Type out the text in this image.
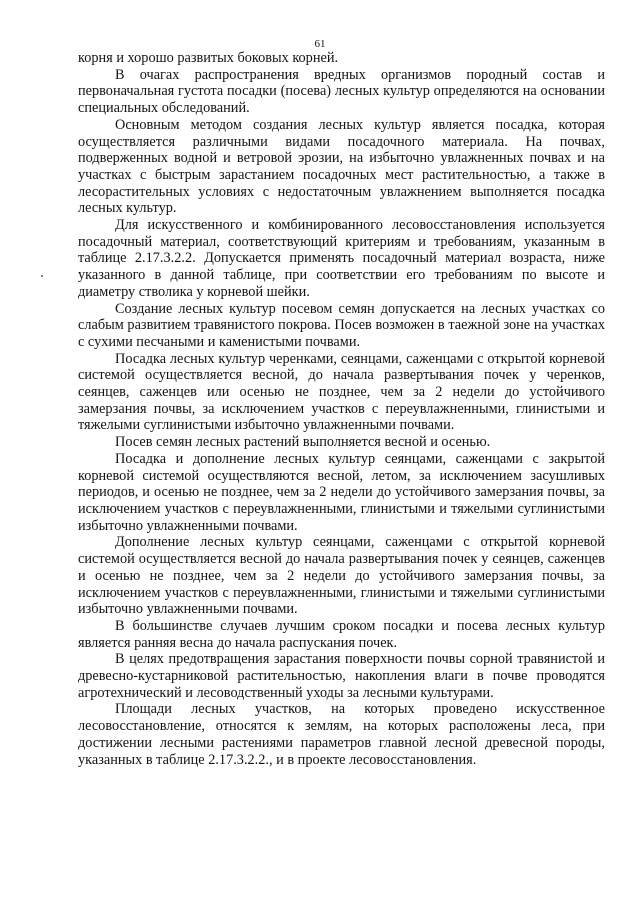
61

корня и хорошо развитых боковых корней.

В очагах распространения вредных организмов породный состав и первоначальная густота посадки (посева) лесных культур определяются на основании специальных обследований.

Основным методом создания лесных культур является посадка, которая осуществляется различными видами посадочного материала. На почвах, подверженных водной и ветровой эрозии, на избыточно увлажненных почвах и на участках с быстрым зарастанием посадочных мест растительностью, а также в лесорастительных условиях с недостаточным увлажнением выполняется посадка лесных культур.

Для искусственного и комбинированного лесовосстановления используется посадочный материал, соответствующий критериям и требованиям, указанным в таблице 2.17.3.2.2. Допускается применять посадочный материал возраста, ниже указанного в данной таблице, при соответствии его требованиям по высоте и диаметру стволика у корневой шейки.

Создание лесных культур посевом семян допускается на лесных участках со слабым развитием травянистого покрова. Посев возможен в таежной зоне на участках с сухими песчаными и каменистыми почвами.

Посадка лесных культур черенками, сеянцами, саженцами с открытой корневой системой осуществляется весной, до начала развертывания почек у черенков, сеянцев, саженцев или осенью не позднее, чем за 2 недели до устойчивого замерзания почвы, за исключением участков с переувлажненными, глинистыми и тяжелыми суглинистыми избыточно увлажненными почвами.

Посев семян лесных растений выполняется весной и осенью.

Посадка и дополнение лесных культур сеянцами, саженцами с закрытой корневой системой осуществляются весной, летом, за исключением засушливых периодов, и осенью не позднее, чем за 2 недели до устойчивого замерзания почвы, за исключением участков с переувлажненными, глинистыми и тяжелыми суглинистыми избыточно увлажненными почвами.

Дополнение лесных культур сеянцами, саженцами с открытой корневой системой осуществляется весной до начала развертывания почек у сеянцев, саженцев и осенью не позднее, чем за 2 недели до устойчивого замерзания почвы, за исключением участков с переувлажненными, глинистыми и тяжелыми суглинистыми избыточно увлажненными почвами.

В большинстве случаев лучшим сроком посадки и посева лесных культур является ранняя весна до начала распускания почек.

В целях предотвращения зарастания поверхности почвы сорной травянистой и древесно-кустарниковой растительностью, накопления влаги в почве проводятся агротехнический и лесоводственный уходы за лесными культурами.

Площади лесных участков, на которых проведено искусственное лесовосстановление, относятся к землям, на которых расположены леса, при достижении лесными растениями параметров главной лесной древесной породы, указанных в таблице 2.17.3.2.2., и в проекте лесовосстановления.
